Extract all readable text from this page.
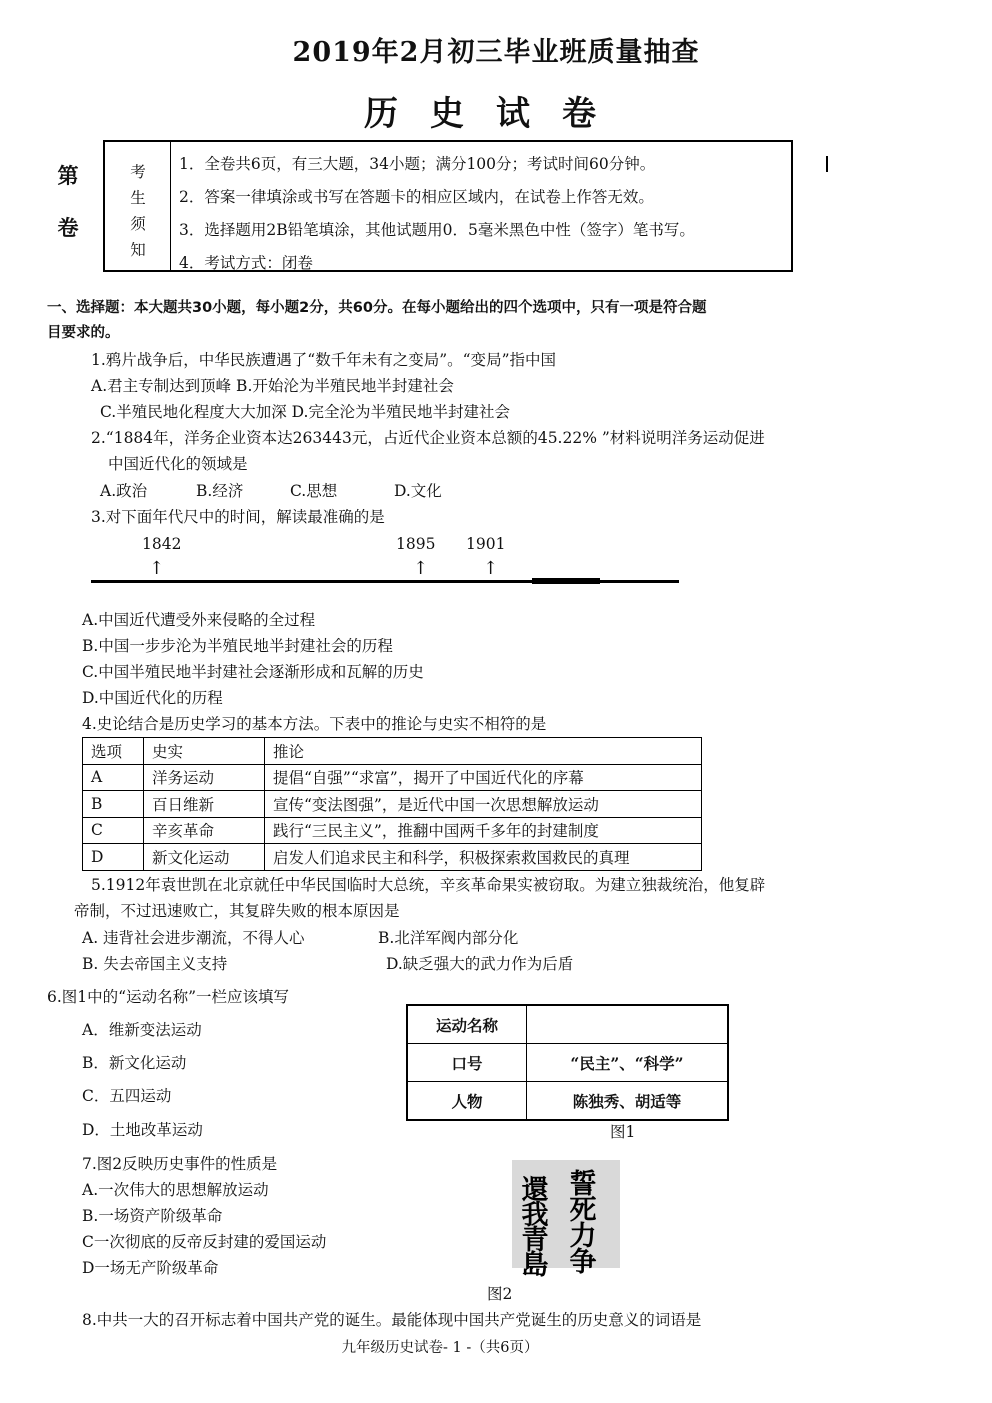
2019年2月初三毕业班质量抽查
历史试卷
第
卷
考
生
须
知
1．全卷共6页，有三大题，34小题；满分100分；考试时间60分钟。
2．答案一律填涂或书写在答题卡的相应区域内，在试卷上作答无效。
3．选择题用2B铅笔填涂，其他试题用0．5毫米黑色中性（签字）笔书写。
4．考试方式：闭卷
一、选择题：本大题共30小题，每小题2分，共60分。在每小题给出的四个选项中，只有一项是符合题
目要求的。
1.鸦片战争后，中华民族遭遇了“数千年未有之变局”。“变局”指中国
A.君主专制达到顶峰 B.开始沦为半殖民地半封建社会
C.半殖民地化程度大大加深 D.完全沦为半殖民地半封建社会
2.“1884年，洋务企业资本达263443元，占近代企业资本总额的45.22% ”材料说明洋务运动促进
中国近代化的领域是
A.政治	B.经济	C.思想	D.文化
3.对下面年代尺中的时间，解读最准确的是
1842	1895 1901
↑	↑	↑
A.中国近代遭受外来侵略的全过程
B.中国一步步沦为半殖民地半封建社会的历程
C.中国半殖民地半封建社会逐渐形成和瓦解的历史
D.中国近代化的历程
4.史论结合是历史学习的基本方法。下表中的推论与史实不相符的是
选项	史实	推论
A	洋务运动	提倡“自强”“求富”，揭开了中国近代化的序幕
B	百日维新	宣传“变法图强”，是近代中国一次思想解放运动
C	辛亥革命	践行“三民主义”，推翻中国两千多年的封建制度
D	新文化运动	启发人们追求民主和科学，积极探索救国救民的真理
5.1912年袁世凯在北京就任中华民国临时大总统，辛亥革命果实被窃取。为建立独裁统治，他复辟
帝制，不过迅速败亡，其复辟失败的根本原因是
A. 违背社会进步潮流，不得人心	B.北洋军阀内部分化
B. 失去帝国主义支持	D.缺乏强大的武力作为后盾
6.图1中的“运动名称”一栏应该填写
A．维新变法运动
B．新文化运动
C．五四运动
D．土地改革运动
运动名称	
口号	“民主”、“科学”
人物	陈独秀、胡适等
图1
7.图2反映历史事件的性质是
A.一次伟大的思想解放运动
B.一场资产阶级革命
C一次彻底的反帝反封建的爱国运动
D一场无产阶级革命
誓
死
力
争
還
我
青
島
图2
8.中共一大的召开标志着中国共产党的诞生。最能体现中国共产党诞生的历史意义的词语是
九年级历史试卷- 1 -（共6页）
